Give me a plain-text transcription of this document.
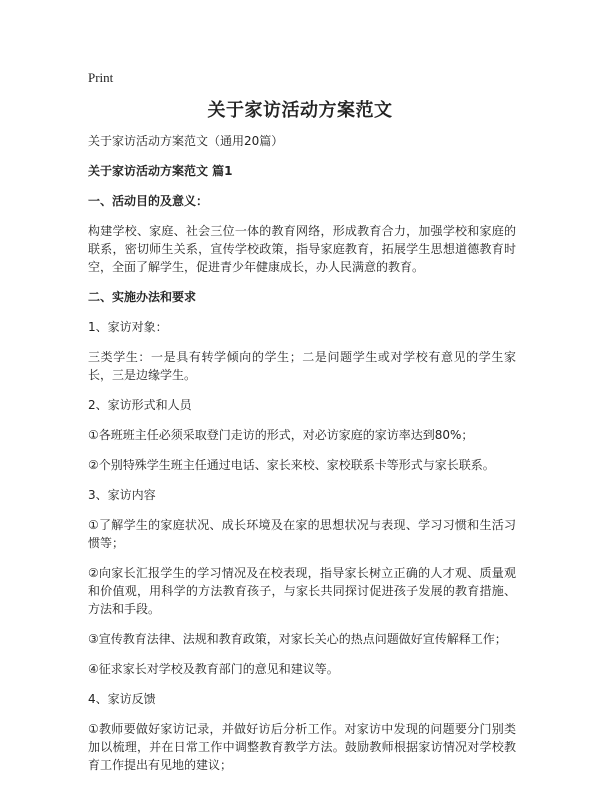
Print
关于家访活动方案范文

关于家访活动方案范文（通用20篇）

关于家访活动方案范文 篇1

一、活动目的及意义：

构建学校、家庭、社会三位一体的教育网络，形成教育合力，加强学校和家庭的联系，密切师生关系，宣传学校政策，指导家庭教育，拓展学生思想道德教育时空，全面了解学生，促进青少年健康成长，办人民满意的教育。

二、实施办法和要求

1、家访对象：

三类学生：一是具有转学倾向的学生；二是问题学生或对学校有意见的学生家长，三是边缘学生。

2、家访形式和人员

①各班班主任必须采取登门走访的形式，对必访家庭的家访率达到80%；

②个别特殊学生班主任通过电话、家长来校、家校联系卡等形式与家长联系。

3、家访内容

①了解学生的家庭状况、成长环境及在家的思想状况与表现、学习习惯和生活习惯等；

②向家长汇报学生的学习情况及在校表现，指导家长树立正确的人才观、质量观和价值观，用科学的方法教育孩子，与家长共同探讨促进孩子发展的教育措施、方法和手段。

③宣传教育法律、法规和教育政策，对家长关心的热点问题做好宣传解释工作；

④征求家长对学校及教育部门的意见和建议等。

4、家访反馈

①教师要做好家访记录，并做好访后分析工作。对家访中发现的问题要分门别类加以梳理，并在日常工作中调整教育教学方法。鼓励教师根据家访情况对学校教育工作提出有见地的建议；
